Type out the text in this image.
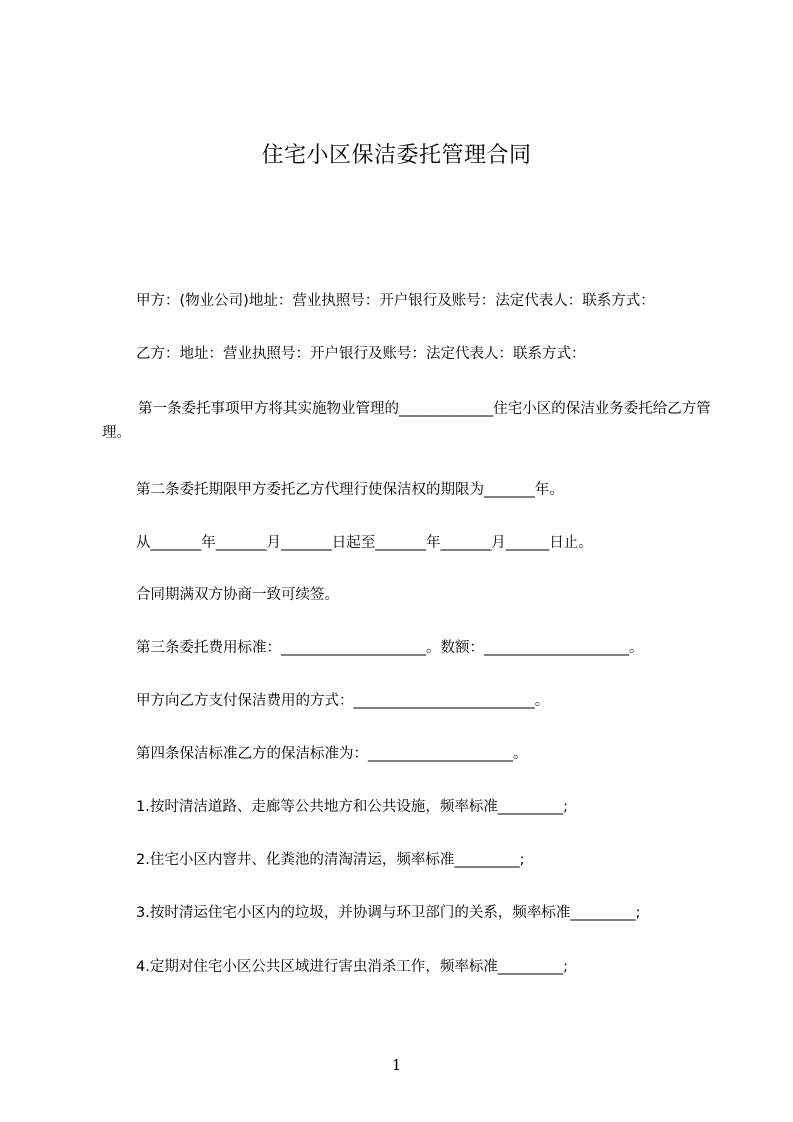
住宅小区保洁委托管理合同

甲方：(物业公司)地址：营业执照号：开户银行及账号：法定代表人：联系方式：

乙方：地址：营业执照号：开户银行及账号：法定代表人：联系方式：

第一条委托事项甲方将其实施物业管理的_____________住宅小区的保洁业务委托给乙方管理。

第二条委托期限甲方委托乙方代理行使保洁权的期限为_______年。

从_______年_______月_______日起至_______年_______月______日止。

合同期满双方协商一致可续签。

第三条委托费用标准：____________________。数额：____________________。

甲方向乙方支付保洁费用的方式：_________________________。

第四条保洁标准乙方的保洁标准为：____________________。

1.按时清洁道路、走廊等公共地方和公共设施，频率标准_________;

2.住宅小区内窨井、化粪池的清淘清运，频率标准_________;

3.按时清运住宅小区内的垃圾，并协调与环卫部门的关系，频率标准_________;

4.定期对住宅小区公共区域进行害虫消杀工作，频率标准_________;

1
